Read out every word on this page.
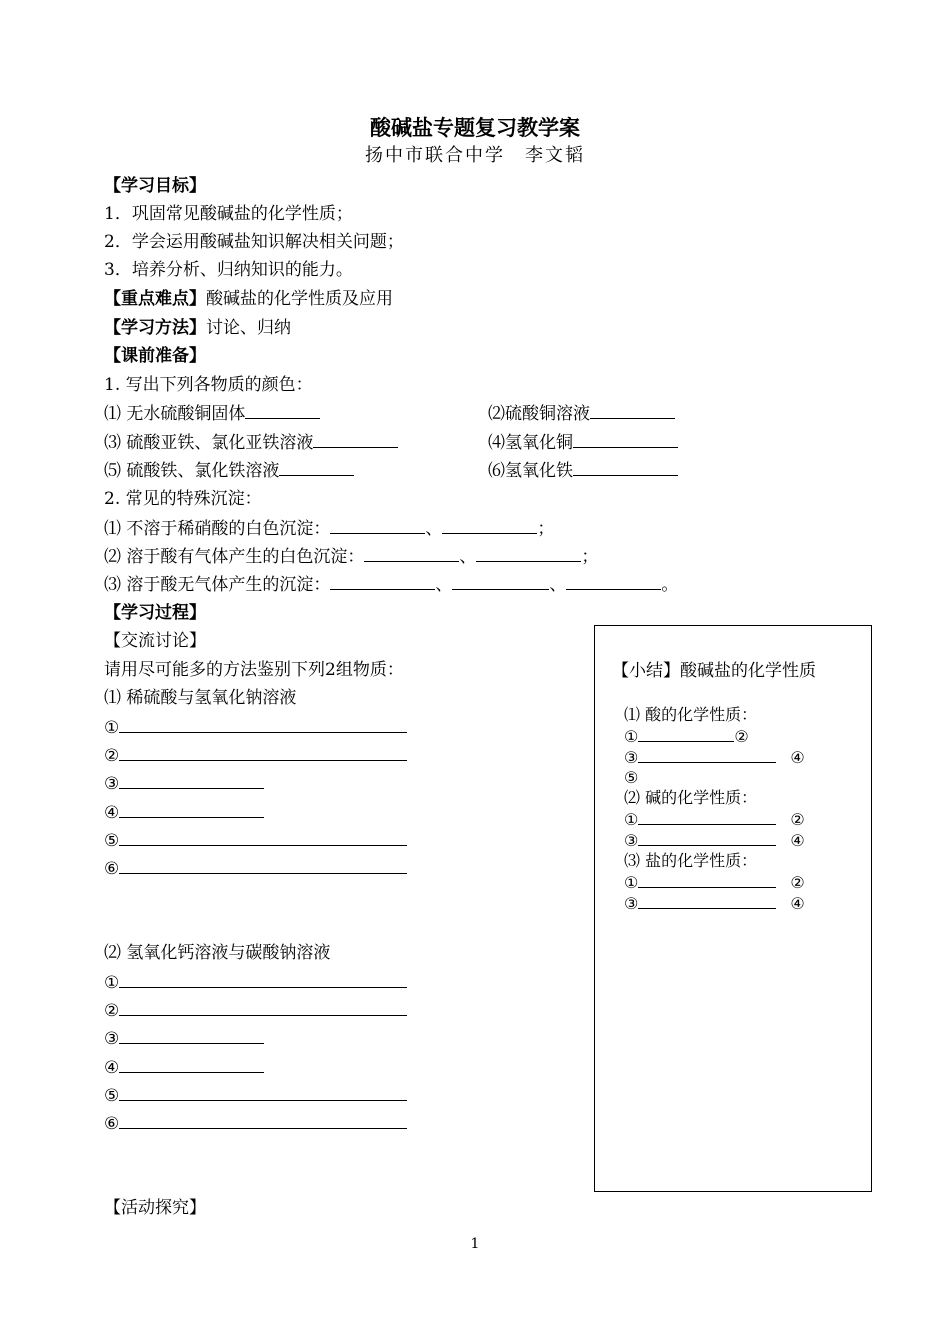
酸碱盐专题复习教学案
扬中市联合中学　李文韬
【学习目标】
1．巩固常见酸碱盐的化学性质；
2．学会运用酸碱盐知识解决相关问题；
3．培养分析、归纳知识的能力。
【重点难点】酸碱盐的化学性质及应用
【学习方法】讨论、归纳
【课前准备】
1. 写出下列各物质的颜色：
⑴ 无水硫酸铜固体	⑵硫酸铜溶液
⑶ 硫酸亚铁、氯化亚铁溶液	⑷氢氧化铜
⑸ 硫酸铁、氯化铁溶液	⑹氢氧化铁
2. 常见的特殊沉淀：
⑴ 不溶于稀硝酸的白色沉淀：	、	；
⑵ 溶于酸有气体产生的白色沉淀：	、	；
⑶ 溶于酸无气体产生的沉淀：	、	、	。
【学习过程】
【交流讨论】
请用尽可能多的方法鉴别下列2组物质：
⑴ 稀硫酸与氢氧化钠溶液
①
②
③
④
⑤
⑥
⑵ 氢氧化钙溶液与碳酸钠溶液
①
②
③
④
⑤
⑥
【活动探究】
【小结】酸碱盐的化学性质
⑴ 酸的化学性质：
①	②
③	④
⑤
⑵ 碱的化学性质：
①	②
③	④
⑶ 盐的化学性质：
①	②
③	④
1
